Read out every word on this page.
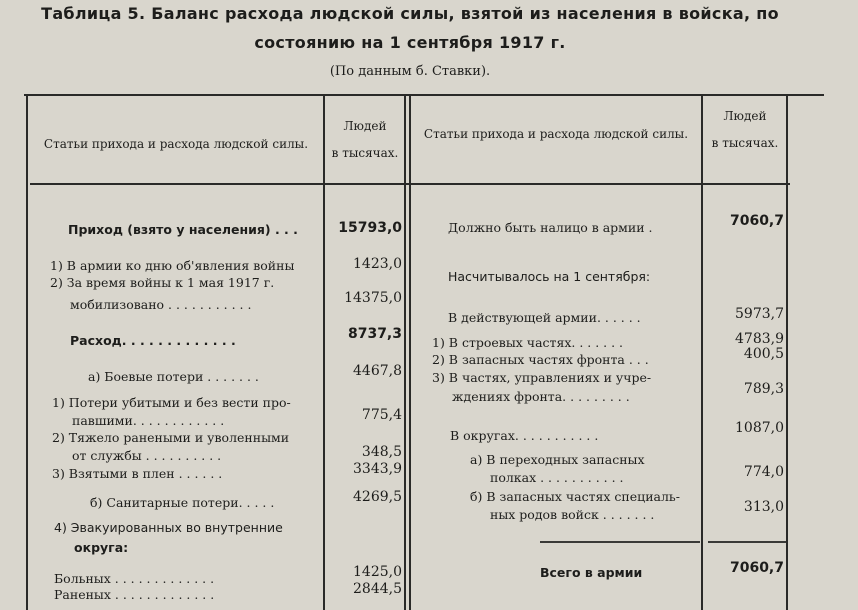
Таблица 5. Баланс расхода людской силы, взятой из населения в войска, по
состоянию на 1 сентября 1917 г.
(По данным б. Ставки).
Статьи прихода и расхода людской силы.
Людей
в тысячах.
Статьи прихода и расхода людской силы.
Людей
в тысячах.
Приход (взято у населения) . . .	15793,0
1) В армии ко дню об'явления войны	1423,0
2) За время войны к 1 мая 1917 г.
мобилизовано . . . . . . . . . . .	14375,0
Расход. . . . . . . . . . . . .	8737,3
а) Боевые потери . . . . . . .	4467,8
1) Потери убитыми и без вести про-
павшими. . . . . . . . . . . .	775,4
2) Тяжело ранеными и уволенными
от службы . . . . . . . . . .	348,5
3) Взятыми в плен . . . . . .	3343,9
б) Санитарные потери. . . . .	4269,5
4) Эвакуированных во внутренние
округа:
Больных . . . . . . . . . . . . .	1425,0
Раненых . . . . . . . . . . . . .	2844,5
Должно быть налицо в армии .	7060,7
Насчитывалось на 1 сентября:
В действующей армии. . . . . .	5973,7
1) В строевых частях. . . . . . .	4783,9
2) В запасных частях фронта . . .	400,5
3) В частях, управлениях и учре-
ждениях фронта. . . . . . . . .	789,3
В округах. . . . . . . . . . .	1087,0
а) В переходных запасных
полках . . . . . . . . . . .	774,0
б) В запасных частях специаль-
ных родов войск . . . . . . .	313,0
Всего в армии	7060,7
